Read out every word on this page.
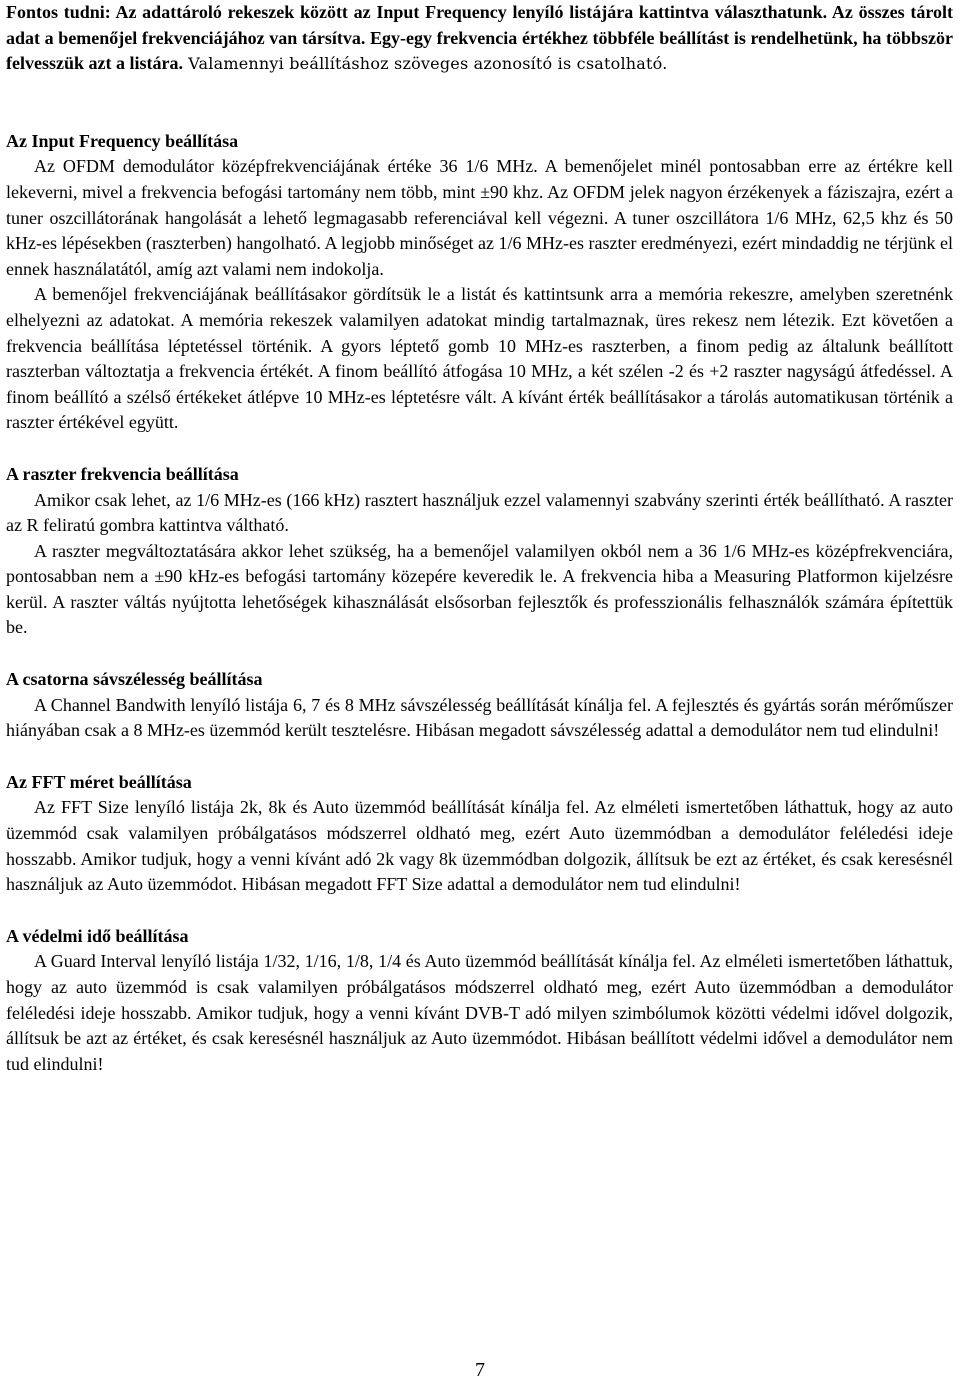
Fontos tudni: Az adattároló rekeszek között az Input Frequency lenyíló listájára kattintva választhatunk. Az összes tárolt adat a bemenőjel frekvenciájához van társítva. Egy-egy frekvencia értékhez többféle beállítást is rendelhetünk, ha többször felvesszük azt a listára. Valamennyi beállításhoz szöveges azonosító is csatolható.

Az Input Frequency beállítása

Az OFDM demodulátor középfrekvenciájának értéke 36 1/6 MHz. A bemenőjelet minél pontosabban erre az értékre kell lekeverni, mivel a frekvencia befogási tartomány nem több, mint ±90 khz. Az OFDM jelek nagyon érzékenyek a fáziszajra, ezért a tuner oszcillátorának hangolását a lehető legmagasabb referenciával kell végezni. A tuner oszcillátora 1/6 MHz, 62,5 khz és 50 kHz-es lépésekben (raszterben) hangolható. A legjobb minőséget az 1/6 MHz-es raszter eredményezi, ezért mindaddig ne térjünk el ennek használatától, amíg azt valami nem indokolja.

A bemenőjel frekvenciájának beállításakor gördítsük le a listát és kattintsunk arra a memória rekeszre, amelyben szeretnénk elhelyezni az adatokat. A memória rekeszek valamilyen adatokat mindig tartalmaznak, üres rekesz nem létezik. Ezt követően a frekvencia beállítása léptetéssel történik. A gyors léptető gomb 10 MHz-es raszterben, a finom pedig az általunk beállított raszterban változtatja a frekvencia értékét. A finom beállító átfogása 10 MHz, a két szélen -2 és +2 raszter nagyságú átfedéssel. A finom beállító a szélső értékeket átlépve 10 MHz-es léptetésre vált. A kívánt érték beállításakor a tárolás automatikusan történik a raszter értékével együtt.

A raszter frekvencia beállítása

Amikor csak lehet, az 1/6 MHz-es (166 kHz) rasztert használjuk ezzel valamennyi szabvány szerinti érték beállítható. A raszter az R feliratú gombra kattintva váltható.

A raszter megváltoztatására akkor lehet szükség, ha a bemenőjel valamilyen okból nem a 36 1/6 MHz-es középfrekvenciára, pontosabban nem a ±90 kHz-es befogási tartomány közepére keveredik le. A frekvencia hiba a Measuring Platformon kijelzésre kerül. A raszter váltás nyújtotta lehetőségek kihasználását elsősorban fejlesztők és professzionális felhasználók számára építettük be.

A csatorna sávszélesség beállítása

A Channel Bandwith lenyíló listája 6, 7 és 8 MHz sávszélesség beállítását kínálja fel. A fejlesztés és gyártás során mérőműszer hiányában csak a 8 MHz-es üzemmód került tesztelésre. Hibásan megadott sávszélesség adattal a demodulátor nem tud elindulni!

Az FFT méret beállítása

Az FFT Size lenyíló listája 2k, 8k és Auto üzemmód beállítását kínálja fel. Az elméleti ismertetőben láthattuk, hogy az auto üzemmód csak valamilyen próbálgatásos módszerrel oldható meg, ezért Auto üzemmódban a demodulátor feléledési ideje hosszabb. Amikor tudjuk, hogy a venni kívánt adó 2k vagy 8k üzemmódban dolgozik, állítsuk be ezt az értéket, és csak keresésnél használjuk az Auto üzemmódot. Hibásan megadott FFT Size adattal a demodulátor nem tud elindulni!

A védelmi idő beállítása

A Guard Interval lenyíló listája 1/32, 1/16, 1/8, 1/4 és Auto üzemmód beállítását kínálja fel. Az elméleti ismertetőben láthattuk, hogy az auto üzemmód is csak valamilyen próbálgatásos módszerrel oldható meg, ezért Auto üzemmódban a demodulátor feléledési ideje hosszabb. Amikor tudjuk, hogy a venni kívánt DVB-T adó milyen szimbólumok közötti védelmi idővel dolgozik, állítsuk be azt az értéket, és csak keresésnél használjuk az Auto üzemmódot. Hibásan beállított védelmi idővel a demodulátor nem tud elindulni!

7
